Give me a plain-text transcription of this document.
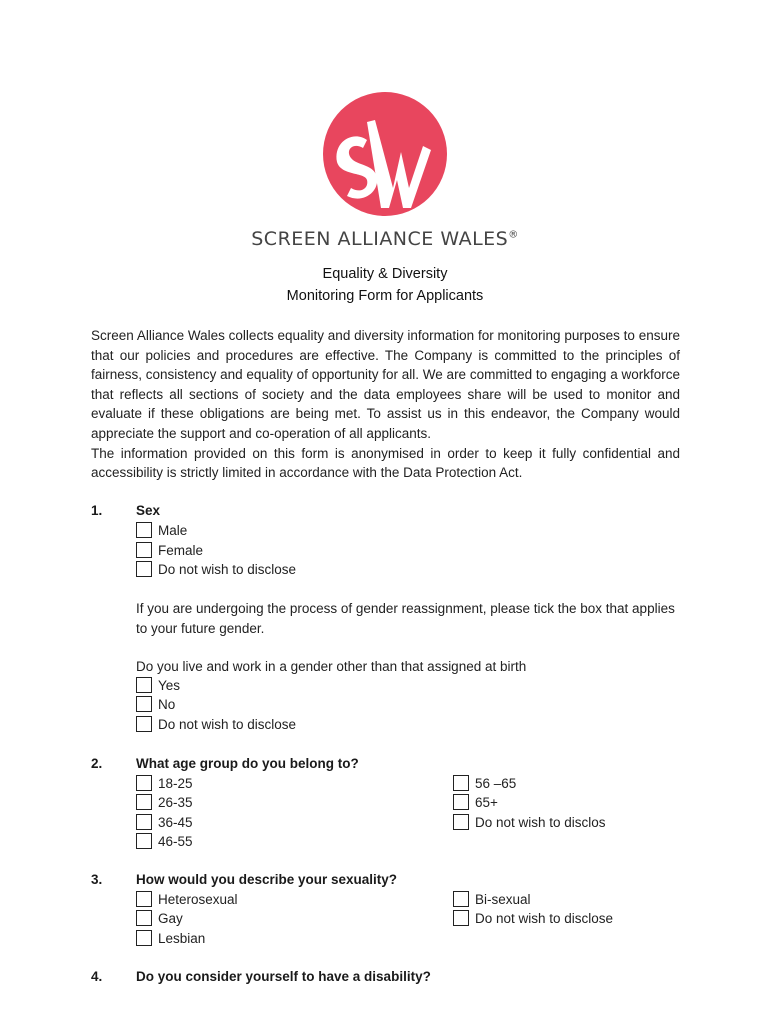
SCREEN ALLIANCE WALES®
Equality & Diversity
Monitoring Form for Applicants

Screen Alliance Wales collects equality and diversity information for monitoring purposes to ensure that our policies and procedures are effective. The Company is committed to the principles of fairness, consistency and equality of opportunity for all. We are committed to engaging a workforce that reflects all sections of society and the data employees share will be used to monitor and evaluate if these obligations are being met. To assist us in this endeavor, the Company would appreciate the support and co-operation of all applicants.

The information provided on this form is anonymised in order to keep it fully confidential and accessibility is strictly limited in accordance with the Data Protection Act.

1. Sex
Male
Female
Do not wish to disclose
If you are undergoing the process of gender reassignment, please tick the box that applies to your future gender.
Do you live and work in a gender other than that assigned at birth
Yes
No
Do not wish to disclose
2. What age group do you belong to?
18-25
26-35
36-45
46-55
56 –65
65+
Do not wish to disclos
3. How would you describe your sexuality?
Heterosexual
Gay
Lesbian
Bi-sexual
Do not wish to disclose
4. Do you consider yourself to have a disability?
